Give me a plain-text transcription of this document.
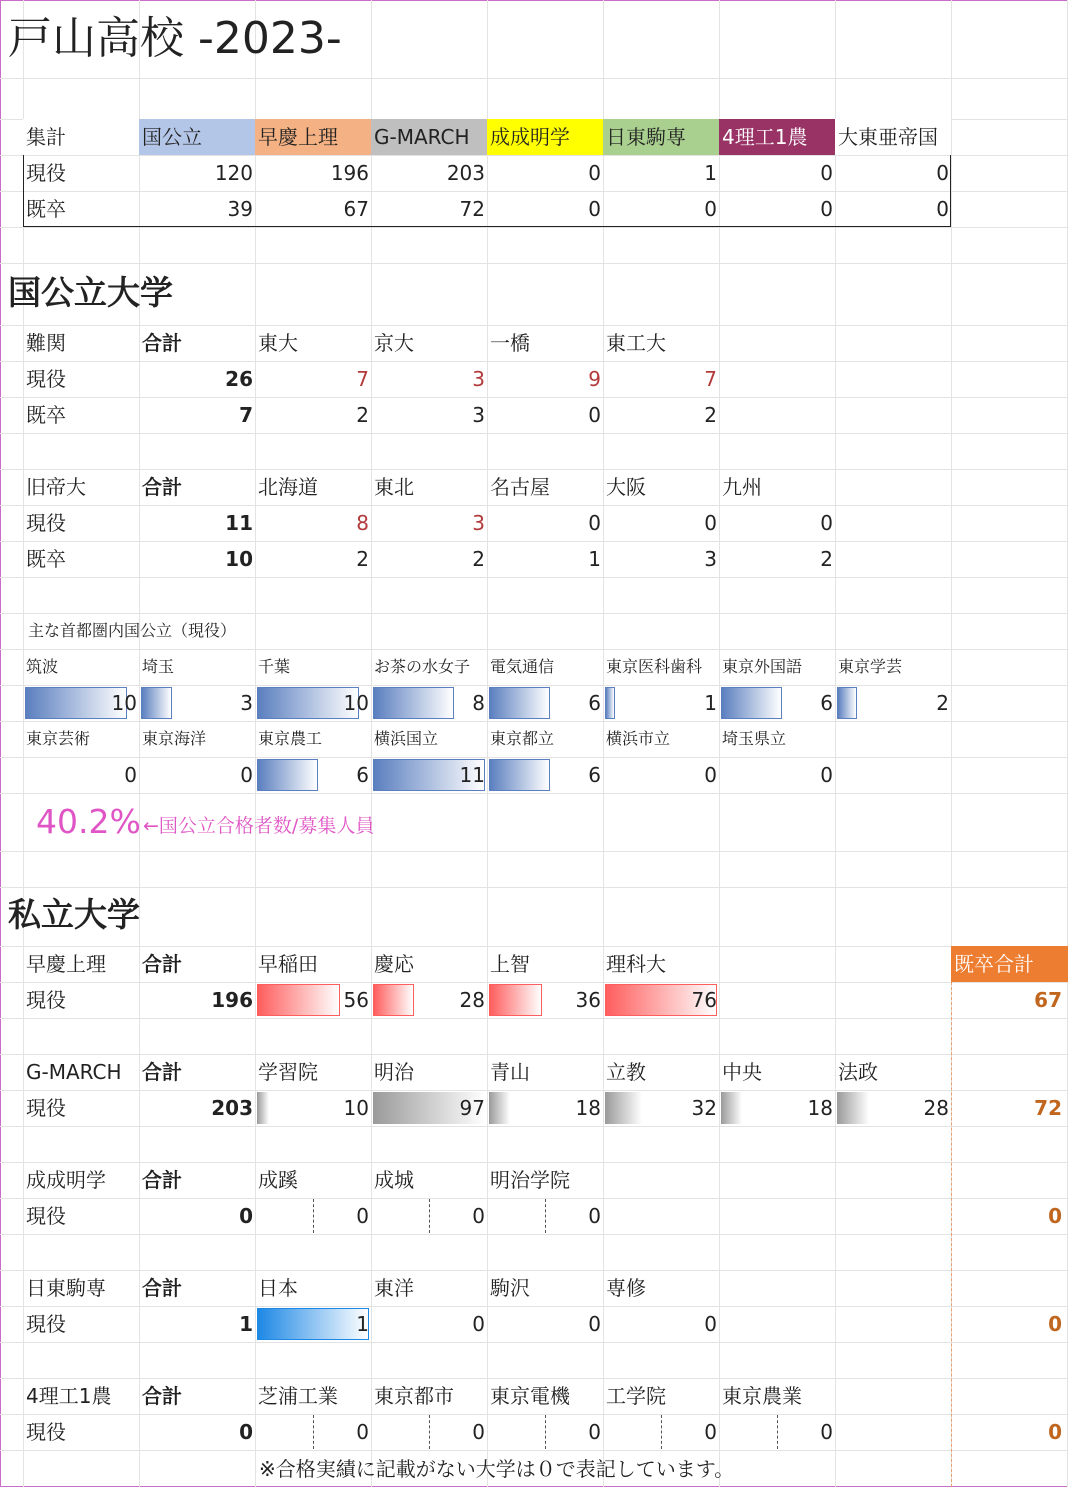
戸山高校 -2023-
国公立大学
私立大学
主な首都圏内国公立（現役）
40.2% ←国公立合格者数/募集人員
既卒合計
※合格実績に記載がない大学は０で表記しています。
集計	国公立	早慶上理	G-MARCH	成成明学	日東駒専	4理工1農	大東亜帝国
現役	120	196	203	0	1	0	0
既卒	39	67	72	0	0	0	0
難関	合計	東大	京大	一橋	東工大
現役	26	7	3	9	7
既卒	7	2	3	0	2
旧帝大	合計	北海道	東北	名古屋	大阪	九州
現役	11	8	3	0	0	0
既卒	10	2	2	1	3	2
筑波	埼玉	千葉	お茶の水女子	電気通信	東京医科歯科	東京外国語	東京学芸
10	3	10	8	6	1	6	2
東京芸術	東京海洋	東京農工	横浜国立	東京都立	横浜市立	埼玉県立
0	0	6	11	6	0	0
早慶上理	合計	早稲田	慶応	上智	理科大
現役	196	56	28	36	76	67
G-MARCH	合計	学習院	明治	青山	立教	中央	法政
現役	203	10	97	18	32	18	28	72
成成明学	合計	成蹊	成城	明治学院
現役	0	0	0	0	0
日東駒専	合計	日本	東洋	駒沢	専修
現役	1	1	0	0	0	0
4理工1農	合計	芝浦工業	東京都市	東京電機	工学院	東京農業
現役	0	0	0	0	0	0	0
